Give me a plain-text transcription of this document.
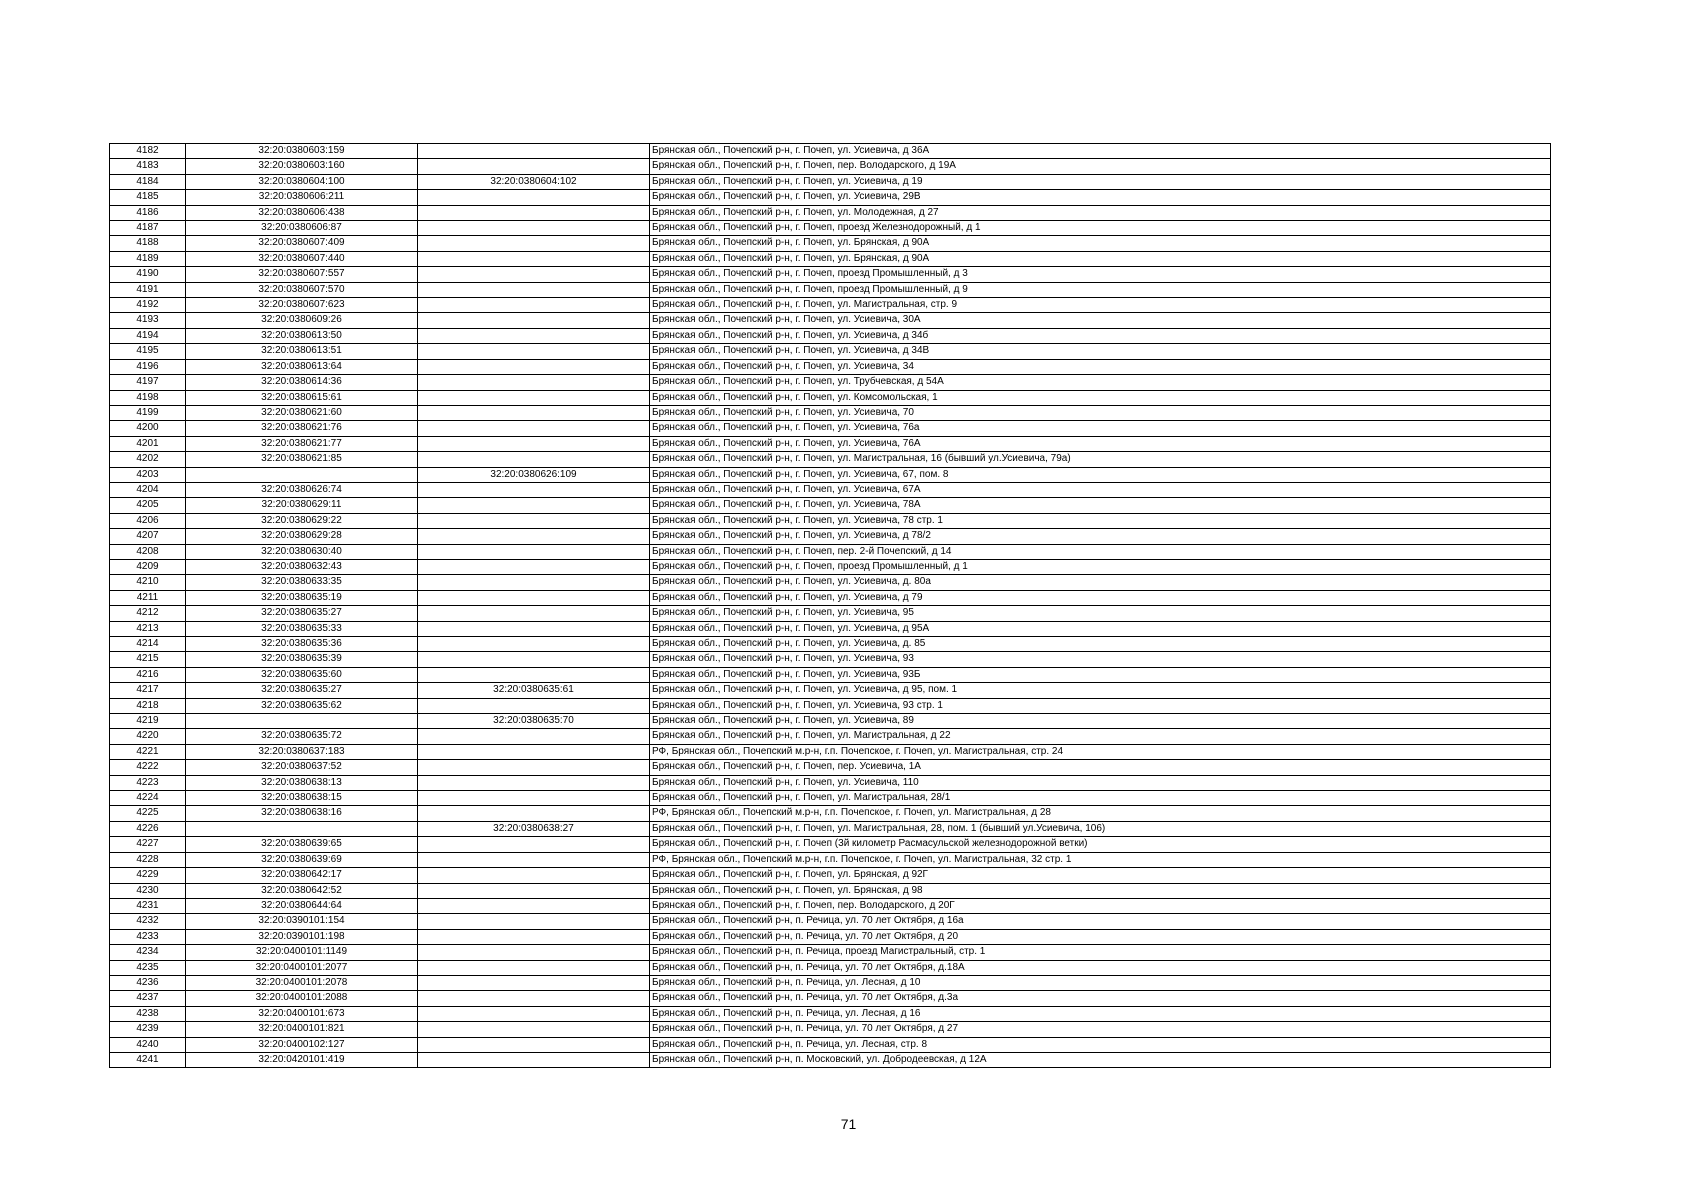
4182	32:20:0380603:159		Брянская обл., Почепский р-н, г. Почеп, ул. Усиевича, д 36А
4183	32:20:0380603:160		Брянская обл., Почепский р-н, г. Почеп, пер. Володарского, д 19А
4184	32:20:0380604:100	32:20:0380604:102	Брянская обл., Почепский р-н, г. Почеп, ул. Усиевича, д 19
4185	32:20:0380606:211		Брянская обл., Почепский р-н, г. Почеп, ул. Усиевича, 29В
4186	32:20:0380606:438		Брянская обл., Почепский р-н, г. Почеп, ул. Молодежная, д 27
4187	32:20:0380606:87		Брянская обл., Почепский р-н, г. Почеп, проезд Железнодорожный, д 1
4188	32:20:0380607:409		Брянская обл., Почепский р-н, г. Почеп, ул. Брянская, д 90А
4189	32:20:0380607:440		Брянская обл., Почепский р-н, г. Почеп, ул. Брянская, д 90А
4190	32:20:0380607:557		Брянская обл., Почепский р-н, г. Почеп, проезд Промышленный, д 3
4191	32:20:0380607:570		Брянская обл., Почепский р-н, г. Почеп, проезд Промышленный, д 9
4192	32:20:0380607:623		Брянская обл., Почепский р-н, г. Почеп, ул. Магистральная, стр. 9
4193	32:20:0380609:26		Брянская обл., Почепский р-н, г. Почеп, ул. Усиевича, 30А
4194	32:20:0380613:50		Брянская обл., Почепский р-н, г. Почеп, ул. Усиевича, д 34б
4195	32:20:0380613:51		Брянская обл., Почепский р-н, г. Почеп, ул. Усиевича, д 34В
4196	32:20:0380613:64		Брянская обл., Почепский р-н, г. Почеп, ул. Усиевича, 34
4197	32:20:0380614:36		Брянская обл., Почепский р-н, г. Почеп, ул. Трубчевская, д 54А
4198	32:20:0380615:61		Брянская обл., Почепский р-н, г. Почеп, ул. Комсомольская, 1
4199	32:20:0380621:60		Брянская обл., Почепский р-н, г. Почеп, ул. Усиевича, 70
4200	32:20:0380621:76		Брянская обл., Почепский р-н, г. Почеп, ул. Усиевича, 76а
4201	32:20:0380621:77		Брянская обл., Почепский р-н, г. Почеп, ул. Усиевича, 76А
4202	32:20:0380621:85		Брянская обл., Почепский р-н, г. Почеп, ул. Магистральная, 16 (бывший ул.Усиевича, 79а)
4203		32:20:0380626:109	Брянская обл., Почепский р-н, г. Почеп, ул. Усиевича, 67, пом. 8
4204	32:20:0380626:74		Брянская обл., Почепский р-н, г. Почеп, ул. Усиевича, 67А
4205	32:20:0380629:11		Брянская обл., Почепский р-н, г. Почеп, ул. Усиевича, 78А
4206	32:20:0380629:22		Брянская обл., Почепский р-н, г. Почеп, ул. Усиевича, 78 стр. 1
4207	32:20:0380629:28		Брянская обл., Почепский р-н, г. Почеп, ул. Усиевича, д 78/2
4208	32:20:0380630:40		Брянская обл., Почепский р-н, г. Почеп, пер. 2-й Почепский, д 14
4209	32:20:0380632:43		Брянская обл., Почепский р-н, г. Почеп, проезд Промышленный, д 1
4210	32:20:0380633:35		Брянская обл., Почепский р-н, г. Почеп, ул. Усиевича, д. 80а
4211	32:20:0380635:19		Брянская обл., Почепский р-н, г. Почеп, ул. Усиевича, д 79
4212	32:20:0380635:27		Брянская обл., Почепский р-н, г. Почеп, ул. Усиевича, 95
4213	32:20:0380635:33		Брянская обл., Почепский р-н, г. Почеп, ул. Усиевича, д 95А
4214	32:20:0380635:36		Брянская обл., Почепский р-н, г. Почеп, ул. Усиевича, д. 85
4215	32:20:0380635:39		Брянская обл., Почепский р-н, г. Почеп, ул. Усиевича, 93
4216	32:20:0380635:60		Брянская обл., Почепский р-н, г. Почеп, ул. Усиевича, 93Б
4217	32:20:0380635:27	32:20:0380635:61	Брянская обл., Почепский р-н, г. Почеп, ул. Усиевича, д 95, пом. 1
4218	32:20:0380635:62		Брянская обл., Почепский р-н, г. Почеп, ул. Усиевича, 93 стр. 1
4219		32:20:0380635:70	Брянская обл., Почепский р-н, г. Почеп, ул. Усиевича, 89
4220	32:20:0380635:72		Брянская обл., Почепский р-н, г. Почеп, ул. Магистральная, д 22
4221	32:20:0380637:183		РФ, Брянская обл., Почепский м.р-н, г.п. Почепское, г. Почеп, ул. Магистральная, стр. 24
4222	32:20:0380637:52		Брянская обл., Почепский р-н, г. Почеп, пер. Усиевича, 1А
4223	32:20:0380638:13		Брянская обл., Почепский р-н, г. Почеп, ул. Усиевича, 110
4224	32:20:0380638:15		Брянская обл., Почепский р-н, г. Почеп, ул. Магистральная, 28/1
4225	32:20:0380638:16		РФ, Брянская обл., Почепский м.р-н, г.п. Почепское, г. Почеп, ул. Магистральная, д 28
4226		32:20:0380638:27	Брянская обл., Почепский р-н, г. Почеп, ул. Магистральная, 28, пом. 1 (бывший ул.Усиевича, 106)
4227	32:20:0380639:65		Брянская обл., Почепский р-н, г. Почеп (3й километр Расмасульской железнодорожной ветки)
4228	32:20:0380639:69		РФ, Брянская обл., Почепский м.р-н, г.п. Почепское, г. Почеп, ул. Магистральная, 32 стр. 1
4229	32:20:0380642:17		Брянская обл., Почепский р-н, г. Почеп, ул. Брянская, д 92Г
4230	32:20:0380642:52		Брянская обл., Почепский р-н, г. Почеп, ул. Брянская, д 98
4231	32:20:0380644:64		Брянская обл., Почепский р-н, г. Почеп, пер. Володарского, д 20Г
4232	32:20:0390101:154		Брянская обл., Почепский р-н, п. Речица, ул. 70 лет Октября, д 16а
4233	32:20:0390101:198		Брянская обл., Почепский р-н, п. Речица, ул. 70 лет Октября, д 20
4234	32:20:0400101:1149		Брянская обл., Почепский р-н, п. Речица, проезд Магистральный, стр. 1
4235	32:20:0400101:2077		Брянская обл., Почепский р-н, п. Речица, ул. 70 лет Октября, д.18А
4236	32:20:0400101:2078		Брянская обл., Почепский р-н, п. Речица, ул. Лесная, д 10
4237	32:20:0400101:2088		Брянская обл., Почепский р-н, п. Речица, ул. 70 лет Октября, д.3а
4238	32:20:0400101:673		Брянская обл., Почепский р-н, п. Речица, ул. Лесная, д 16
4239	32:20:0400101:821		Брянская обл., Почепский р-н, п. Речица, ул. 70 лет Октября, д 27
4240	32:20:0400102:127		Брянская обл., Почепский р-н, п. Речица, ул. Лесная, стр. 8
4241	32:20:0420101:419		Брянская обл., Почепский р-н, п. Московский, ул. Добродеевская, д 12А
71
